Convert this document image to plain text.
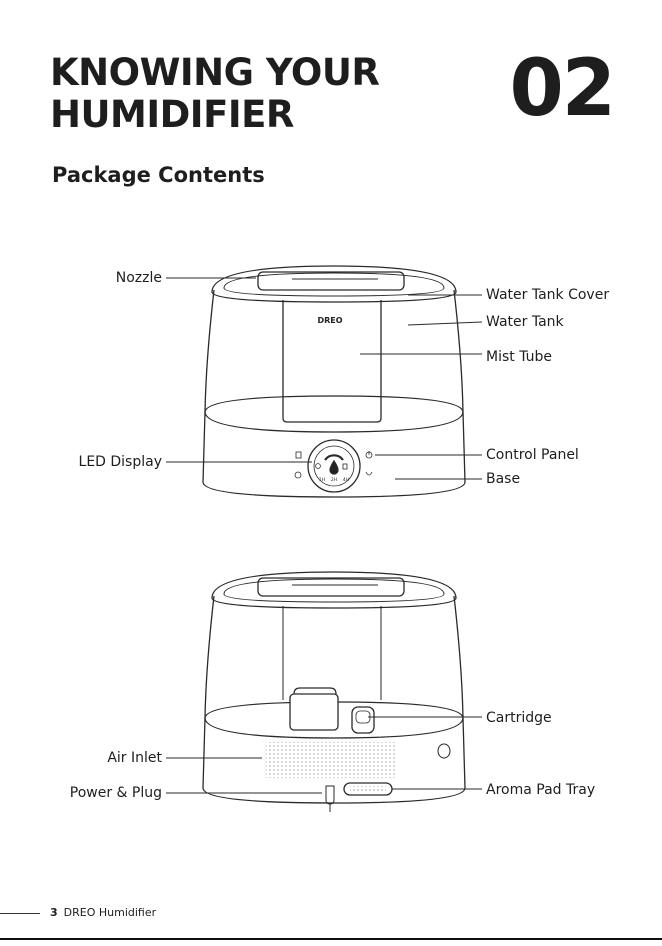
KNOWING YOUR
HUMIDIFIER	02
Package Contents
DREO
1H 2H 4H
Nozzle
Water Tank Cover
Water Tank
Mist Tube
LED Display	Control Panel
Base
Cartridge
Air Inlet
Power & Plug	Aroma Pad Tray
3 DREO Humidifier
